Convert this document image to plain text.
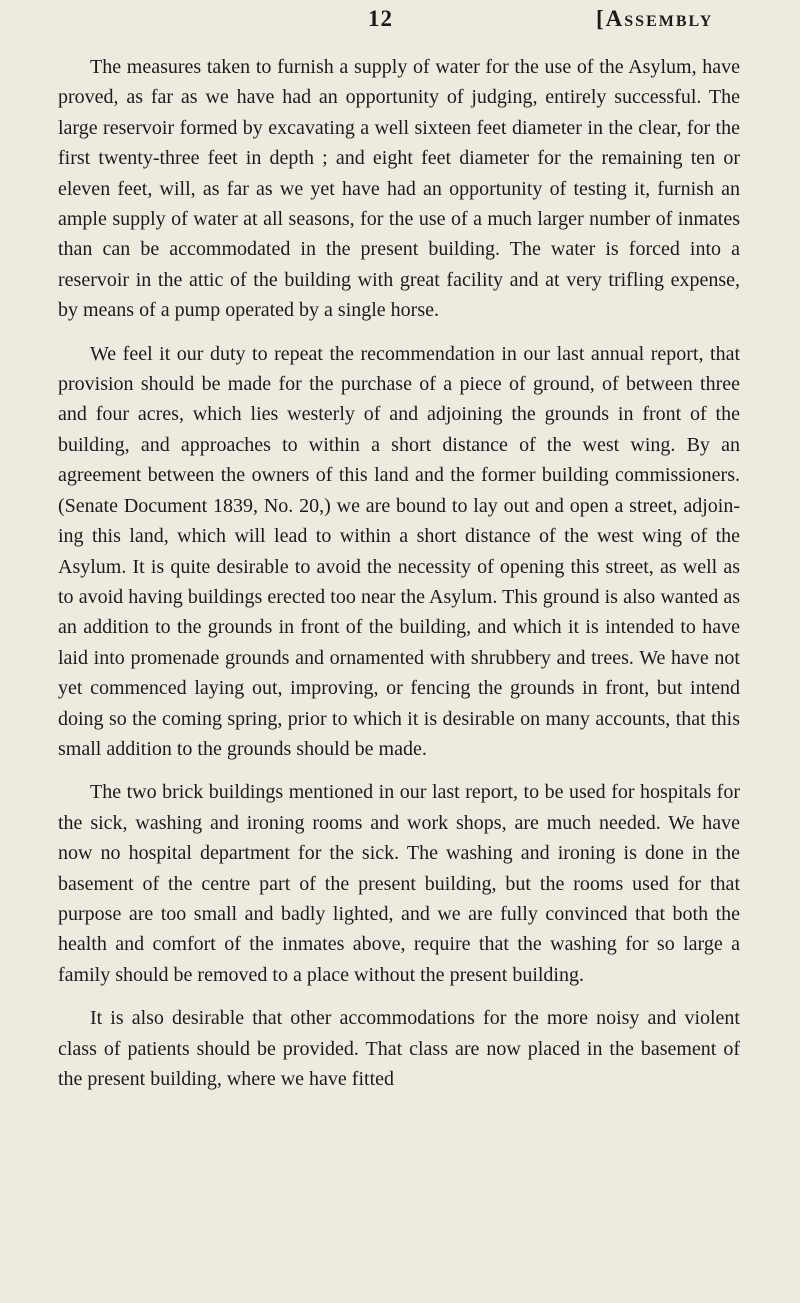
12	[Assembly

The measures taken to furnish a supply of water for the use of the Asylum, have proved, as far as we have had an opportunity of judging, entirely successful. The large reservoir formed by excavating a well sixteen feet diameter in the clear, for the first twenty-three feet in depth ; and eight feet diameter for the remaining ten or eleven feet, will, as far as we yet have had an opportunity of testing it, furnish an ample supply of water at all seasons, for the use of a much larger number of inmates than can be accommodated in the present building. The water is forced into a reservoir in the attic of the building with great facility and at very trifling expense, by means of a pump operated by a single horse.

We feel it our duty to repeat the recommendation in our last annual report, that provision should be made for the purchase of a piece of ground, of between three and four acres, which lies westerly of and adjoining the grounds in front of the building, and approaches to within a short distance of the west wing. By an agreement between the owners of this land and the former building commissioners. (Senate Document 1839, No. 20,) we are bound to lay out and open a street, adjoining this land, which will lead to within a short distance of the west wing of the Asylum. It is quite desirable to avoid the necessity of opening this street, as well as to avoid having buildings erected too near the Asylum. This ground is also wanted as an addition to the grounds in front of the building, and which it is intended to have laid into promenade grounds and ornamented with shrubbery and trees. We have not yet commenced laying out, improving, or fencing the grounds in front, but intend doing so the coming spring, prior to which it is desirable on many accounts, that this small addition to the grounds should be made.

The two brick buildings mentioned in our last report, to be used for hospitals for the sick, washing and ironing rooms and work shops, are much needed. We have now no hospital department for the sick. The washing and ironing is done in the basement of the centre part of the present building, but the rooms used for that purpose are too small and badly lighted, and we are fully convinced that both the health and comfort of the inmates above, require that the washing for so large a family should be removed to a place without the present building.

It is also desirable that other accommodations for the more noisy and violent class of patients should be provided. That class are now placed in the basement of the present building, where we have fitted
